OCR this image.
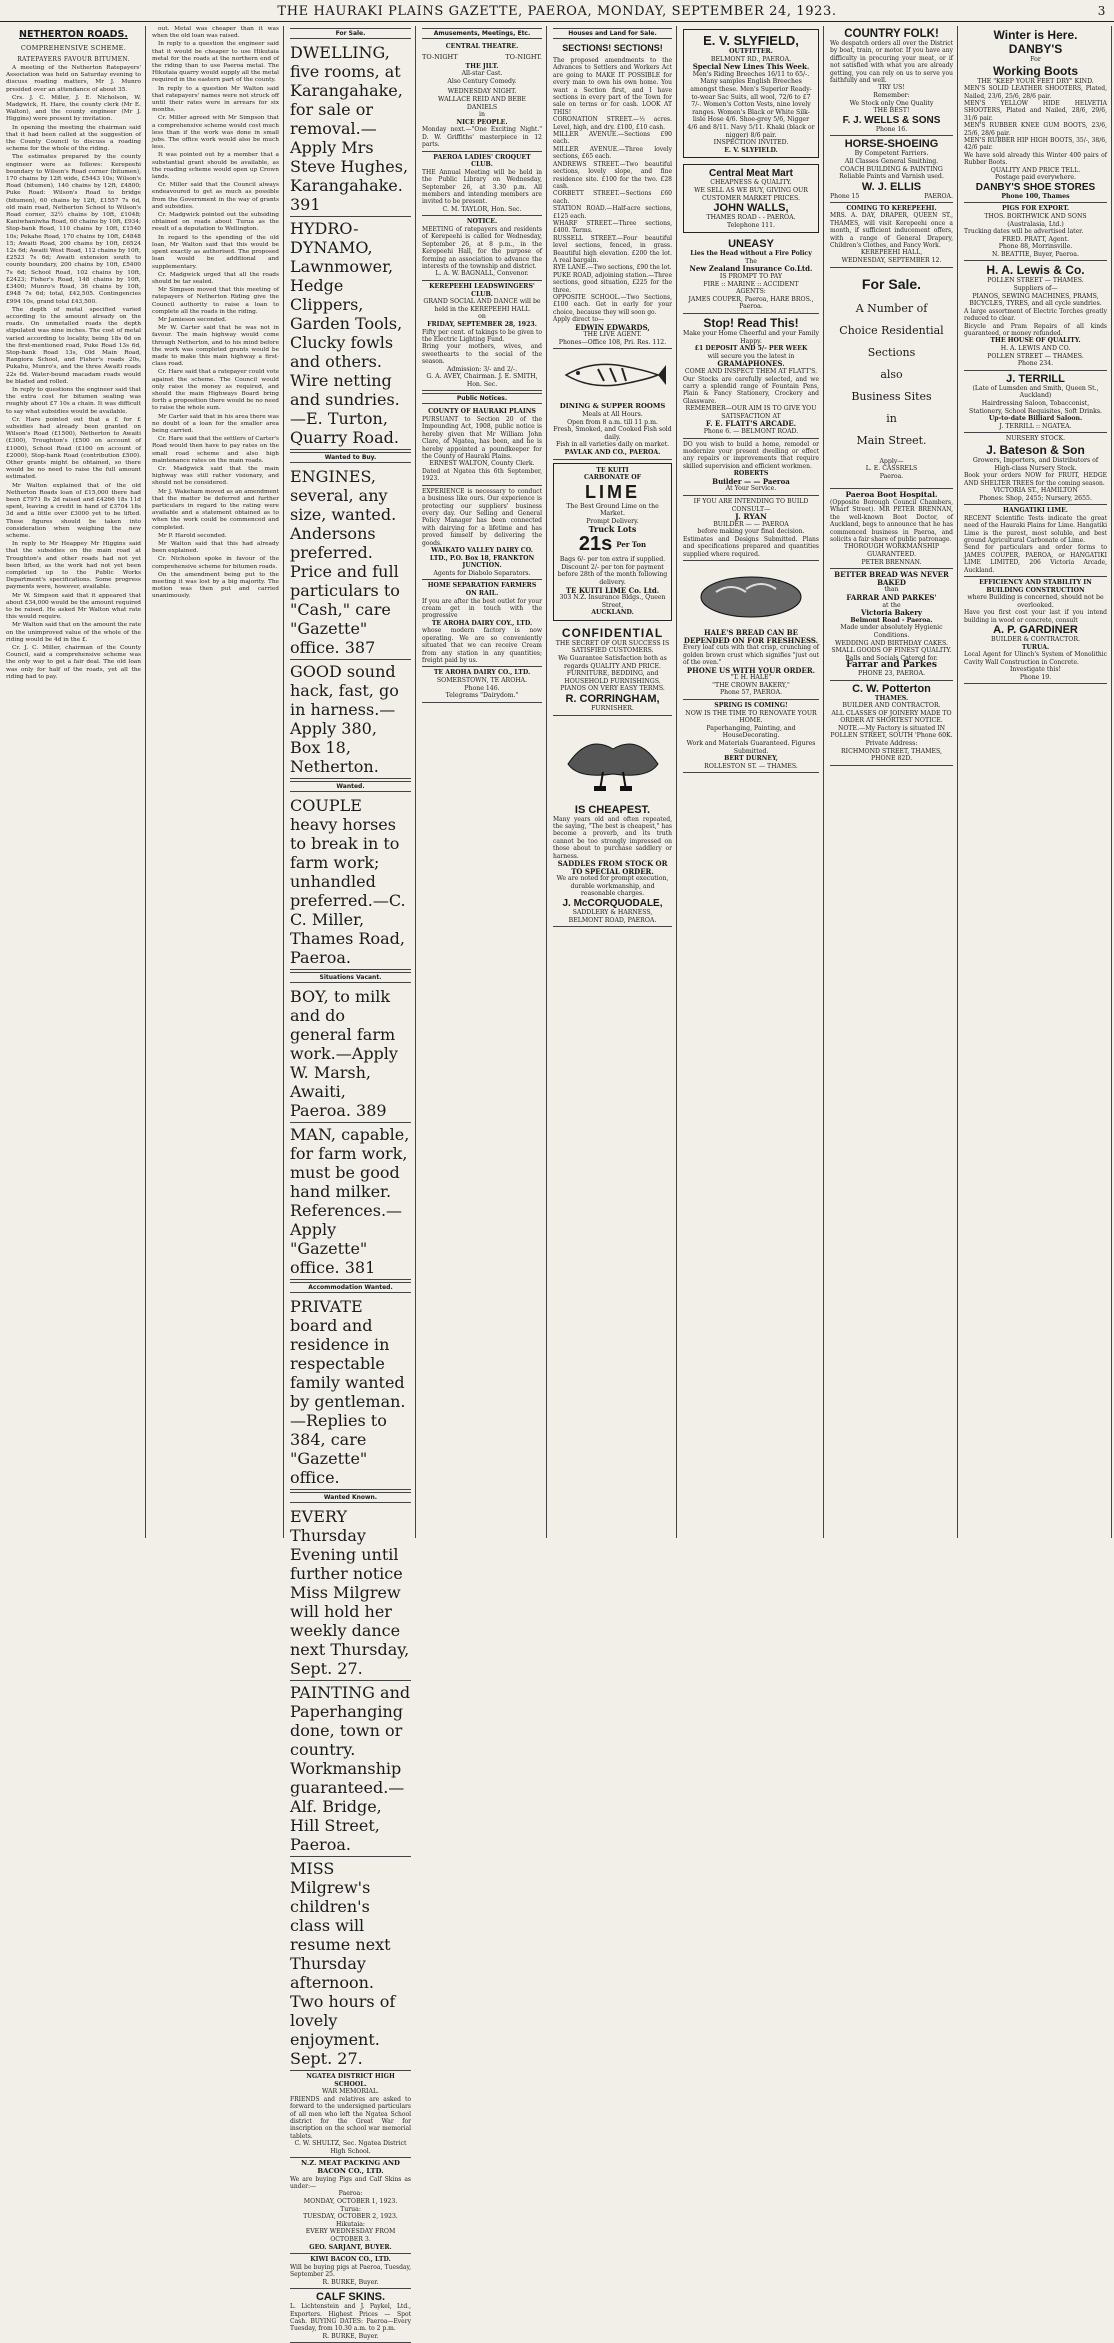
THE HAURAKI PLAINS GAZETTE, PAEROA, MONDAY, SEPTEMBER 24, 1923.	3
NETHERTON ROADS.
COMPREHENSIVE SCHEME.
RATEPAYERS FAVOUR BITUMEN.
A meeting of the Netherton Ratepayers' Association was held on Saturday evening to discuss roading matters, Mr J. Munro presided over an attendance of about 35.
Crs. J. C. Miller, J. E. Nicholson, W. Madgwick, H. Hare, the county clerk (Mr E. Walton), and the county engineer (Mr J. Higgins) were present by invitation.
In opening the meeting the chairman said that it had been called at the suggestion of the County Council to discuss a roading scheme for the whole of the riding.
The estimates prepared by the county engineer were as follows: Kerepeehi boundary to Wilson's Road corner (bitumen), 170 chains by 12ft wide, £5443 10s; Wilson's Road (bitumen), 140 chains by 12ft, £4800; Puke Road: Wilson's Road to bridge (bitumen), 60 chains by 12ft, £1557 7s 6d, old main road, Netherton School to Wilson's Road corner, 32½ chains by 10ft, £1048; Kaniwhaniwha Road, 60 chains by 10ft, £934; Stop-bank Road, 110 chains by 10ft, £1540 10s; Pekahe Road, 170 chains by 10ft, £4848 15; Awaiti Road, 200 chains by 10ft, £6524 12s 6d; Awaiti West Road, 112 chains by 10ft, £2523 7s 6d; Awaiti extension south to county boundary, 200 chains by 10ft, £5400 7s 6d; School Road, 102 chains by 10ft, £2423; Fisher's Road, 148 chains by 10ft, £3400; Munro's Road, 36 chains by 10ft, £948 7s 6d; total, £42,505. Contingencies £994 10s, grand total £43,500.
The depth of metal specified varied according to the amount already on the roads. On unmetalled roads the depth stipulated was nine inches. The cost of metal varied according to locality, being 18s 6d on the first-mentioned road, Puke Road 13s 6d, Stop-bank Road 13s, Old Main Road, Rangiora School, and Fisher's roads 20s, Pukahu, Munro's, and the three Awaiti roads 22s 6d. Water-bound macadam roads would be bladed and rolled.
In reply to questions the engineer said that the extra cost for bitumen sealing was roughly about £7 10s a chain. It was difficult to say what subsidies would be available.
Cr. Hare pointed out that a £ for £ subsidies had already been granted on Wilson's Road (£1500), Netherton to Awaiti (£300), Troughton's (£500 on account of £1000), School Road (£100 on account of £2000), Stop-bank Road (contribution £500). Other grants might be obtained, so there would be no need to raise the full amount estimated.
Mr Walton explained that of the old Netherton Roads loan of £15,000 there had been £7971 8s 2d raised and £4266 18s 11d spent, leaving a credit in hand of £3704 18s 3d and a little over £3000 yet to be lifted. These figures should be taken into consideration when weighing the new scheme.
In reply to Mr Heappey Mr Higgins said that the subsidies on the main road at Troughton's and other roads had not yet been lifted, as the work had not yet been completed up to the Public Works Department's specifications. Some progress payments were, however, available.
Mr W. Simpson said that it appeared that about £34,000 would be the amount required to be raised. He asked Mr Walton what rate this would require.
Mr Walton said that on the amount the rate on the unimproved value of the whole of the riding would be 4d in the £.
Cr. J. C. Miller, chairman of the County Council, said a comprehensive scheme was the only way to get a fair deal. The old loan was only for half of the roads, yet all the riding had to pay.
out. Metal was cheaper than it was when the old loan was raised.
In reply to a question the engineer said that it would be cheaper to use Hikutaia metal for the roads at the northern end of the riding than to use Paeroa metal. The Hikutaia quarry would supply all the metal required in the eastern part of the county.
In reply to a question Mr Walton said that ratepayers' names were not struck off until their rates were in arrears for six months.
Cr. Miller agreed with Mr Simpson that a comprehensive scheme would cost much less than if the work was done in small jobs. The office work would also be much less.
It was pointed out by a member that a substantial grant should be available, as the roading scheme would open up Crown lands.
Cr. Miller said that the Council always endeavoured to get as much as possible from the Government in the way of grants and subsidies.
Cr. Madgwick pointed out the subsiding obtained on roads about Turua as the result of a deputation to Wellington.
In regard to the spending of the old loan, Mr Walton said that this would be spent exactly as authorised. The proposed loan would be additional and supplementary.
Cr. Madgwick urged that all the roads should be tar sealed.
Mr Simpson moved that this meeting of ratepayers of Netherton Riding give the Council authority to raise a loan to complete all the roads in the riding.
Mr Jamieson seconded.
Mr W. Carter said that he was not in favour. The main highway would come through Netherton, and to his mind before the work was completed grants would be made to make this main highway a first-class road.
Cr. Hare said that a ratepayer could vote against the scheme. The Council would only raise the money as required, and should the main Highways Board bring forth a proposition there would be no need to raise the whole sum.
Mr Carter said that in his area there was no doubt of a loan for the smaller area being carried.
Cr. Hare said that the settlers of Carter's Road would then have to pay rates on the small road scheme and also high maintenance rates on the main roads.
Cr. Madgwick said that the main highway was still rather visionary, and should not be considered.
Mr J. Wakeham moved as an amendment that the matter be deferred and further particulars in regard to the rating were available and a statement obtained as to when the work could be commenced and completed.
Mr P. Harold seconded.
Mr Walton said that this had already been explained.
Cr. Nicholson spoke in favour of the comprehensive scheme for bitumen roads.
On the amendment being put to the meeting it was lost by a big majority. The motion was then put and carried unanimously.
For Sale.
DWELLING, five rooms, at Karangahake, for sale or removal.—Apply Mrs Steve Hughes, Karangahake. 391
HYDRO-DYNAMO, Lawnmower, Hedge Clippers, Garden Tools, Clucky fowls and others. Wire netting and sundries.—E. Turton, Quarry Road.
Wanted to Buy.
ENGINES, several, any size, wanted. Andersons preferred. Price and full particulars to "Cash," care "Gazette" office. 387
GOOD sound hack, fast, go in harness.—Apply 380, Box 18, Netherton.
Wanted.
COUPLE heavy horses to break in to farm work; unhandled preferred.—C. C. Miller, Thames Road, Paeroa.
Situations Vacant.
BOY, to milk and do general farm work.—Apply W. Marsh, Awaiti, Paeroa. 389
MAN, capable, for farm work, must be good hand milker. References.—Apply "Gazette" office. 381
Accommodation Wanted.
PRIVATE board and residence in respectable family wanted by gentleman.—Replies to 384, care "Gazette" office.
Wanted Known.
EVERY Thursday Evening until further notice Miss Milgrew will hold her weekly dance next Thursday, Sept. 27.
PAINTING and Paperhanging done, town or country. Workmanship guaranteed.—Alf. Bridge, Hill Street, Paeroa.
MISS Milgrew's children's class will resume next Thursday afternoon. Two hours of lovely enjoyment. Sept. 27.
NGATEA DISTRICT HIGH SCHOOL.
WAR MEMORIAL.
FRIENDS and relatives are asked to forward to the undersigned particulars of all men who left the Ngatea School district for the Great War for inscription on the school war memorial tablets.
C. W. SHULTZ, Sec. Ngatea District High School.
N.Z. MEAT PACKING AND BACON CO., LTD.
We are buying Pigs and Calf Skins as under:—
Paeroa:
MONDAY, OCTOBER 1, 1923.
Turua:
TUESDAY, OCTOBER 2, 1923.
Hikutaia:
EVERY WEDNESDAY FROM OCTOBER 3.
GEO. SARJANT, BUYER.
KIWI BACON CO., LTD.
Will be buying pigs at Paeroa, Tuesday, September 25.
R. BURKE, Buyer.
CALF SKINS.
L. Lichtenstein and J. Paykel, Ltd., Exporters. Highest Prices — Spot Cash. BUYING DATES: Paeroa—Every Tuesday, from 10.30 a.m. to 2 p.m.
R. BURKE, Buyer.
Amusements, Meetings, Etc.
CENTRAL THEATRE.
TO-NIGHT	TO-NIGHT.
THE JILT.
All-star Cast.
Also Century Comedy.
WEDNESDAY NIGHT.
WALLACE REID AND BEBE DANIELS
in
NICE PEOPLE.
Monday next.—"One Exciting Night." D. W. Griffiths' masterpiece in 12 parts.
PAEROA LADIES' CROQUET CLUB.
THE Annual Meeting will be held in the Public Library on Wednesday, September 26, at 3.30 p.m. All members and intending members are invited to be present.
C. M. TAYLOR, Hon. Sec.
NOTICE.
MEETING of ratepayers and residents of Kerepeehi is called for Wednesday, September 26, at 8 p.m., in the Kerepeehi Hall, for the purpose of forming an association to advance the interests of the township and district.
L. A. W. BAGNALL, Convenor.
KEREPEEHI LEADSWINGERS' CLUB.
GRAND SOCIAL AND DANCE will be held in the KEREPEEHI HALL
on
FRIDAY, SEPTEMBER 28, 1923.
Fifty per cent. of takings to be given to the Electric Lighting Fund.
Bring your mothers, wives, and sweethearts to the social of the season.
Admission: 3/- and 2/-.
G. A. AVEY, Chairman. J. E. SMITH, Hon. Sec.
Public Notices.
COUNTY OF HAURAKI PLAINS
PURSUANT to Section 20 of the Impounding Act, 1908, public notice is hereby given that Mr William John Clare, of Ngatea, has been, and he is hereby appointed a poundkeeper for the County of Hauraki Plains.
ERNEST WALTON, County Clerk.
Dated at Ngatea this 6th September, 1923.
EXPERIENCE is necessary to conduct a business like ours. Our experience is protecting our suppliers' business every day. Our Selling and General Policy Manager has been connected with dairying for a lifetime and has proved himself by delivering the goods.
WAIKATO VALLEY DAIRY CO. LTD., P.O. Box 18, FRANKTON JUNCTION.
Agents for Diabolo Separators.
HOME SEPARATION FARMERS ON RAIL.
If you are after the best outlet for your cream get in touch with the progressive
TE AROHA DAIRY COY., LTD.
whose modern factory is now operating. We are so conveniently situated that we can receive Cream from any station in any quantities; freight paid by us.
TE AROHA DAIRY CO., LTD.
SOMERSTOWN, TE AROHA.
Phone 146.
Telegrams "Dairydom."
Houses and Land for Sale.
SECTIONS! SECTIONS!
The proposed amendments to the Advances to Settlers and Workers Act are going to MAKE IT POSSIBLE for every man to own his own home. You want a Section first, and I have sections in every part of the Town for sale on terms or for cash. LOOK AT THIS!
CORONATION STREET.—⅓ acres. Level, high, and dry. £100, £10 cash.
MILLER AVENUE.—Sections £90 each.
MILLER AVENUE.—Three lovely sections, £65 each.
ANDREWS STREET.—Two beautiful sections, lovely slope, and fine residence site. £100 for the two. £28 cash.
CORBETT STREET.—Sections £60 each.
STATION ROAD.—Half-acre sections, £125 each.
WHARF STREET.—Three sections, £400. Terms.
RUSSELL STREET.—Four beautiful level sections, fenced, in grass. Beautiful high elevation. £200 the lot. A real bargain.
RYE LANE.—Two sections, £90 the lot.
PUKE ROAD, adjoining station.—Three sections, good situation, £225 for the three.
OPPOSITE SCHOOL.—Two Sections, £100 each. Get in early for your choice, because they will soon go.
Apply direct to—
EDWIN EDWARDS,
THE LIVE AGENT.
Phones—Office 108, Pri. Res. 112.
DINING & SUPPER ROOMS
Meals at All Hours.
Open from 8 a.m. till 11 p.m.
Fresh, Smoked, and Cooked Fish sold daily.
Fish in all varieties daily on market.
PAVLAK AND CO., PAEROA.
TE KUITI
CARBONATE OF
LIME
The Best Ground Lime on the Market.
Prompt Delivery.
Truck Lots
21s Per Ton
Bags 6/- per ton extra if supplied.
Discount 2/- per ton for payment before 28th of the month following delivery.
TE KUITI LIME Co. Ltd.
303 N.Z. Insurance Bldgs., Queen Street,
AUCKLAND.
CONFIDENTIAL
THE SECRET OF OUR SUCCESS IS SATISFIED CUSTOMERS.
We Guarantee Satisfaction both as regards QUALITY AND PRICE.
FURNITURE, BEDDING, and HOUSEHOLD FURNISHINGS.
PIANOS ON VERY EASY TERMS.
R. CORRINGHAM,
FURNISHER.
IS CHEAPEST.
Many years old and often repeated, the saying, "The best is cheapest," has become a proverb, and its truth cannot be too strongly impressed on those about to purchase saddlery or harness.
SADDLES FROM STOCK OR TO SPECIAL ORDER.
We are noted for prompt execution, durable workmanship, and reasonable charges.
J. McCORQUODALE,
SADDLERY & HARNESS,
BELMONT ROAD, PAEROA.
E. V. SLYFIELD,
OUTFITTER.
BELMONT RD., PAEROA.
Special New Lines This Week.
Men's Riding Breeches 16/11 to 65/-. Many samples English Breeches amongst these. Men's Superior Ready-to-wear Sac Suits, all wool, 72/6 to £7 7/-. Women's Cotton Vests, nine lovely ranges. Women's Black or White Silk-lisle Hose 4/6. Shoe-grey 5/6, Nigger 4/6 and 8/11. Navy 5/11. Khaki (black or nigger) 8/6 pair.
INSPECTION INVITED.
E. V. SLYFIELD.
Central Meat Mart
CHEAPNESS & QUALITY.
WE SELL AS WE BUY, GIVING OUR CUSTOMER MARKET PRICES.
JOHN WALLS,
THAMES ROAD - - PAEROA.
Telephone 111.
UNEASY
Lies the Head without a Fire Policy
The
New Zealand Insurance Co.Ltd.
IS PROMPT TO PAY
FIRE :: MARINE :: ACCIDENT
AGENTS:
JAMES COUPER, Paeroa, HARE BROS., Paeroa.
Stop! Read This!
Make your Home Cheerful and your Family Happy.
£1 DEPOSIT AND 5/- PER WEEK
will secure you the latest in
GRAMAPHONES.
COME AND INSPECT THEM AT FLATT'S.
Our Stocks are carefully selected, and we carry a splendid range of Fountain Pens, Plain & Fancy Stationery, Crockery and Glassware.
REMEMBER—OUR AIM IS TO GIVE YOU SATISFACTION AT
F. E. FLATT'S ARCADE.
Phone 6. — BELMONT ROAD.
DO you wish to build a home, remodel or modernize your present dwelling or effect any repairs or improvements that require skilled supervision and efficient workmen.
ROBERTS
Builder — — Paeroa
At Your Service.
IF YOU ARE INTENDING TO BUILD CONSULT—
J. RYAN
BUILDER — — PAEROA
before making your final decision.
Estimates and Designs Submitted. Plans and specifications prepared and quantities supplied where required.
HALE'S BREAD CAN BE DEPENDED ON FOR FRESHNESS.
Every loaf cuts with that crisp, crunching of golden brown crust which signifies "just out of the oven."
PHONE US WITH YOUR ORDER.
"T. H. HALE"
"THE CROWN BAKERY,"
Phone 57, PAEROA.
SPRING IS COMING!
NOW IS THE TIME TO RENOVATE YOUR HOME.
Paperhanging, Painting, and HouseDecorating.
Work and Materials Guaranteed. Figures Submitted.
BERT DURNEY,
ROLLESTON ST. — THAMES.
COUNTRY FOLK!
We despatch orders all over the District by boat, train, or motor. If you have any difficulty in procuring your meat, or if not satisfied with what you are already getting, you can rely on us to serve you faithfully and well.
TRY US!
Remember:
We Stock only One Quality
THE BEST!
F. J. WELLS & SONS
Phone 16.
HORSE-SHOEING
By Competent Farriers.
All Classes General Smithing.
COACH BUILDING & PAINTING
Reliable Paints and Varnish used.
W. J. ELLIS
Phone 15	PAEROA.
COMING TO KEREPEEHI.
MRS. A. DAY, DRAPER, QUEEN ST., THAMES, will visit Kerepeehi once a month, if sufficient inducement offers, with a range of General Drapery, Children's Clothes, and Fancy Work.
KEREPEEHI HALL,
WEDNESDAY, SEPTEMBER 12.
For Sale.
A Number of
Choice Residential
Sections
also
Business Sites
in
Main Street.
Apply—
L. E. CASSRELS
Paeroa.
Paeroa Boot Hospital.
(Opposite Borough Council Chambers, Wharf Street). MR PETER BRENNAN, the well-known Boot Doctor, of Auckland, begs to announce that he has commenced business in Paeroa, and solicits a fair share of public patronage.
THOROUGH WORKMANSHIP GUARANTEED.
PETER BRENNAN.
BETTER BREAD WAS NEVER BAKED
than
FARRAR AND PARKES'
at the
Victoria Bakery
Belmont Road - Paeroa.
Made under absolutely Hygienic Conditions.
WEDDING AND BIRTHDAY CAKES.
SMALL GOODS OF FINEST QUALITY.
Balls and Socials Catered for.
Farrar and Parkes
PHONE 23, PAEROA.
C. W. Potterton
THAMES.
BUILDER AND CONTRACTOR.
ALL CLASSES OF JOINERY MADE TO ORDER AT SHORTEST NOTICE.
NOTE.—My Factory is situated IN POLLEN STREET, SOUTH 'Phone 60K.
Private Address:
RICHMOND STREET, THAMES,
PHONE 82D.
Winter is Here.
DANBY'S
For
Working Boots
THE "KEEP YOUR FEET DRY" KIND.
MEN'S SOLID LEATHER SHOOTERS, Plated, Nailed, 23/6, 25/6, 28/6 pair.
MEN'S YELLOW HIDE HELVETIA SHOOTERS, Plated and Nailed, 28/6, 29/6, 31/6 pair.
MEN'S RUBBER KNEE GUM BOOTS, 23/6, 25/6, 28/6 pair.
MEN'S RUBBER HIP HIGH BOOTS, 35/-, 38/6, 42/6 pair.
We have sold already this Winter 400 pairs of Rubber Boots.
QUALITY AND PRICE TELL.
Postage paid everywhere.
DANBY'S SHOE STORES
Phone 100, Thames
PIGS FOR EXPORT.
THOS. BORTHWICK AND SONS (Australasia, Ltd.)
Trucking dates will be advertised later.
FRED. PRATT, Agent.
Phone 88, Morrinsville.
N. BEATTIE, Buyer, Paeroa.
H. A. Lewis & Co.
POLLEN STREET — THAMES.
Suppliers of—
PIANOS, SEWING MACHINES, PRAMS, BICYCLES, TYRES, and all cycle sundries.
A large assortment of Electric Torches greatly reduced to clear.
Bicycle and Pram Repairs of all kinds guaranteed, or money refunded.
THE HOUSE OF QUALITY.
H. A. LEWIS AND CO.
POLLEN STREET — THAMES.
Phone 234.
J. TERRILL
(Late of Lumsden and Smith, Queen St., Auckland)
Hairdressing Saloon, Tobacconist, Stationery, School Requisites, Soft Drinks.
Up-to-date Billiard Saloon.
J. TERRILL :: NGATEA.
NURSERY STOCK.
J. Bateson & Son
Growers, Importers, and Distributors of High-class Nursery Stock.
Book your orders NOW for FRUIT, HEDGE AND SHELTER TREES for the coming season.
VICTORIA ST., HAMILTON
Phones: Shop, 2455; Nursery, 2655.
HANGATIKI LIME.
RECENT Scientific Tests indicate the great need of the Hauraki Plains for Lime. Hangatiki Lime is the purest, most soluble, and best ground Agricultural Carbonate of Lime.
Send for particulars and order forms to JAMES COUPER, PAEROA, or HANGATIKI LIME LIMITED, 206 Victoria Arcade, Auckland.
EFFICIENCY AND STABILITY IN BUILDING CONSTRUCTION
where Building is concerned, should not be overlooked.
Have you first cost your last if you intend building in wood or concrete, consult
A. P. GARDINER
BUILDER & CONTRACTOR.
TURUA.
Local Agent for Ulinch's System of Monolithic Cavity Wall Construction in Concrete.
Investigate this!
Phone 19.
